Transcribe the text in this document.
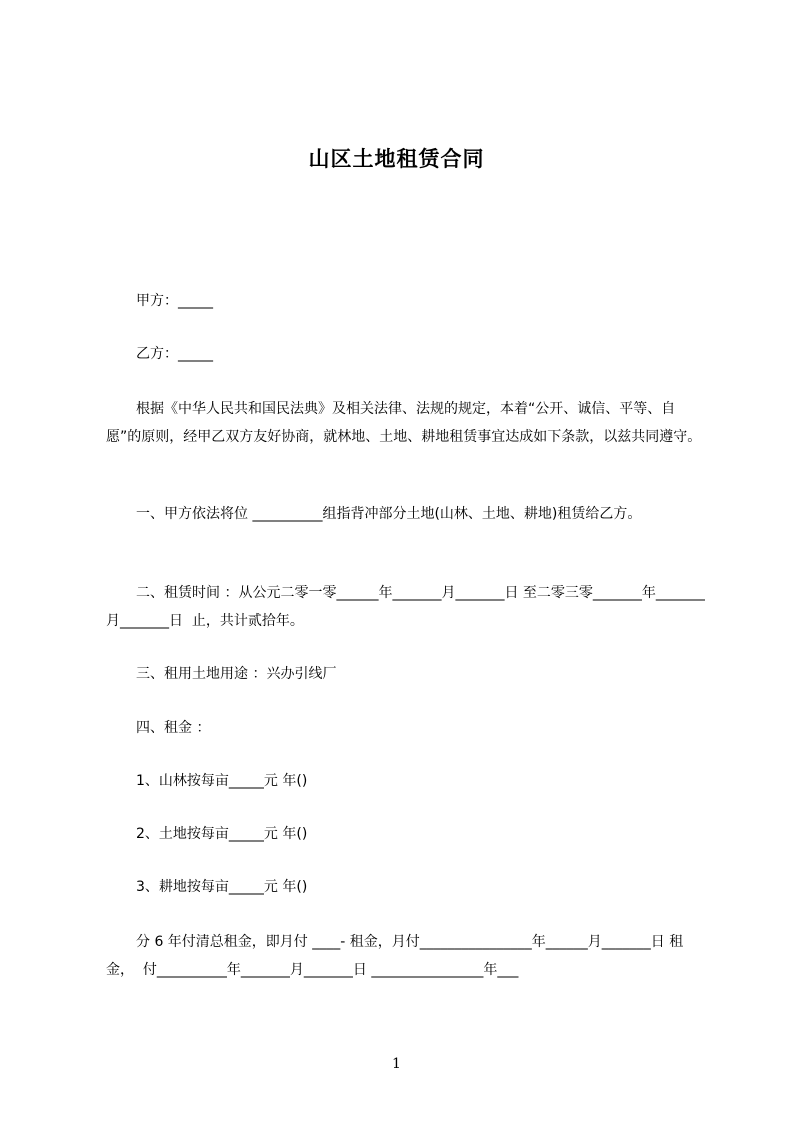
山区土地租赁合同
甲方：_____
乙方：_____
根据《中华人民共和国民法典》及相关法律、法规的规定，本着“公开、诚信、平等、自愿”的原则，经甲乙双方友好协商，就林地、土地、耕地租赁事宜达成如下条款，以兹共同遵守。
一、甲方依法将位 __________组指背冲部分土地(山林、土地、耕地)租赁给乙方。
二、租赁时间 ：从公元二零一零______年_______月_______日 至二零三零_______年_______月_______日  止，共计贰拾年。
三、租用土地用途 ：兴办引线厂
四、租金 ：
1、山林按每亩_____元 年()
2、土地按每亩_____元 年()
3、耕地按每亩_____元 年()
分 6 年付清总租金，即月付 ____- 租金，月付________________年______月_______日 租金，  付__________年_______月_______日 ________________年___
1
